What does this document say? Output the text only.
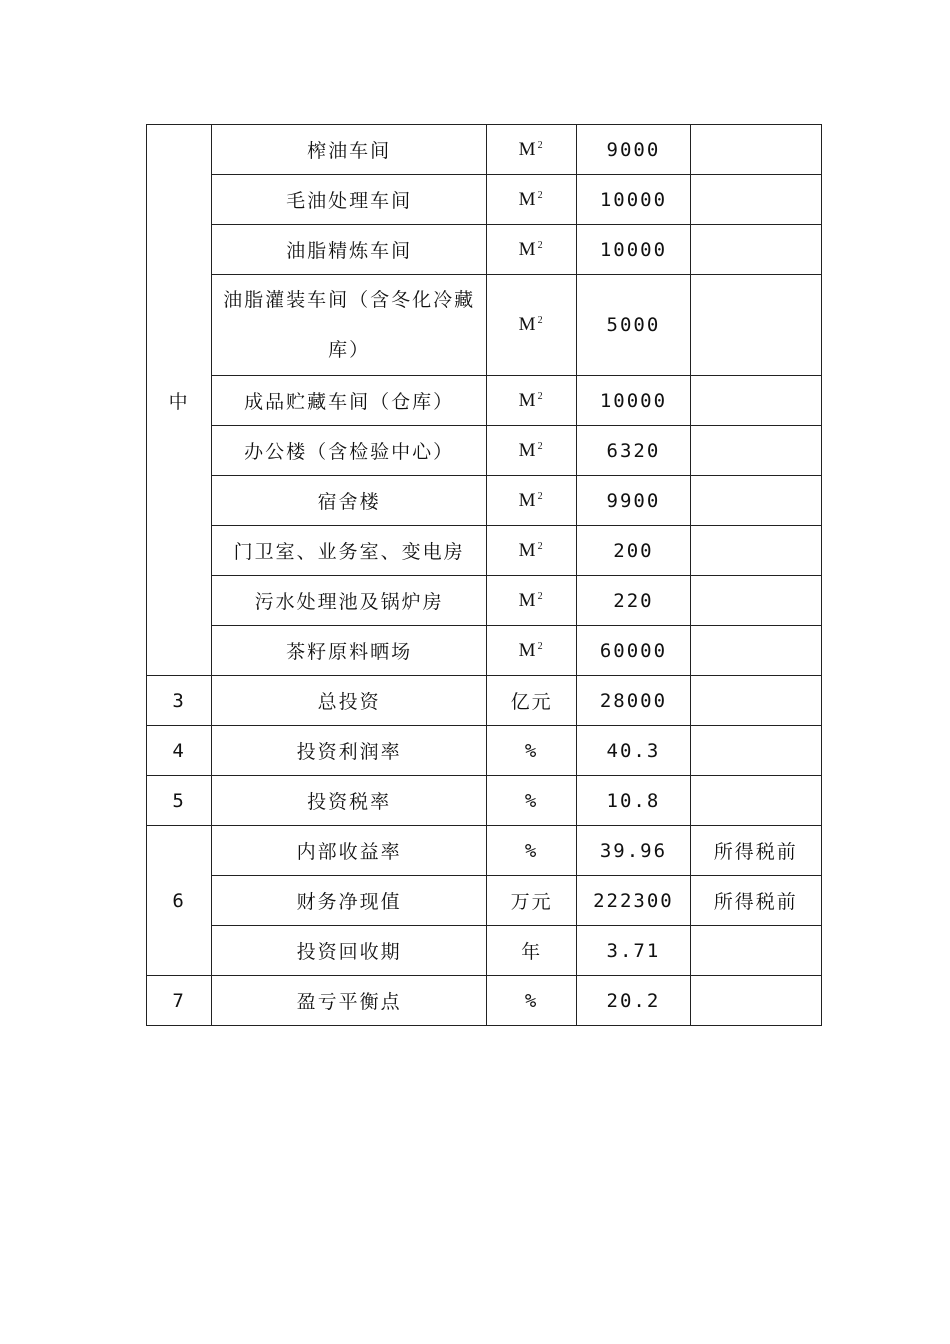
中	榨油车间	$M^2$	9000	
	毛油处理车间	$M^2$	10000	
	油脂精炼车间	$M^2$	10000	

	油脂灌装车间（含冬化冷藏库）	$M^2$	5000	
	成品贮藏车间（仓库）	$M^2$	10000	
	办公楼（含检验中心）	$M^2$	6320	
	宿舍楼	$M^2$	9900	
	门卫室、业务室、变电房	$M^2$	200	
	污水处理池及锅炉房	$M^2$	220	
	茶籽原料晒场	$M^2$	60000	
3	总投资	亿元	28000	
4	投资利润率	%	40.3	
5	投资税率	%	10.8	
6	内部收益率	%	39.96	所得税前
	财务净现值	万元	222300	所得税前
	投资回收期	年	3.71	
7	盈亏平衡点	%	20.2	
